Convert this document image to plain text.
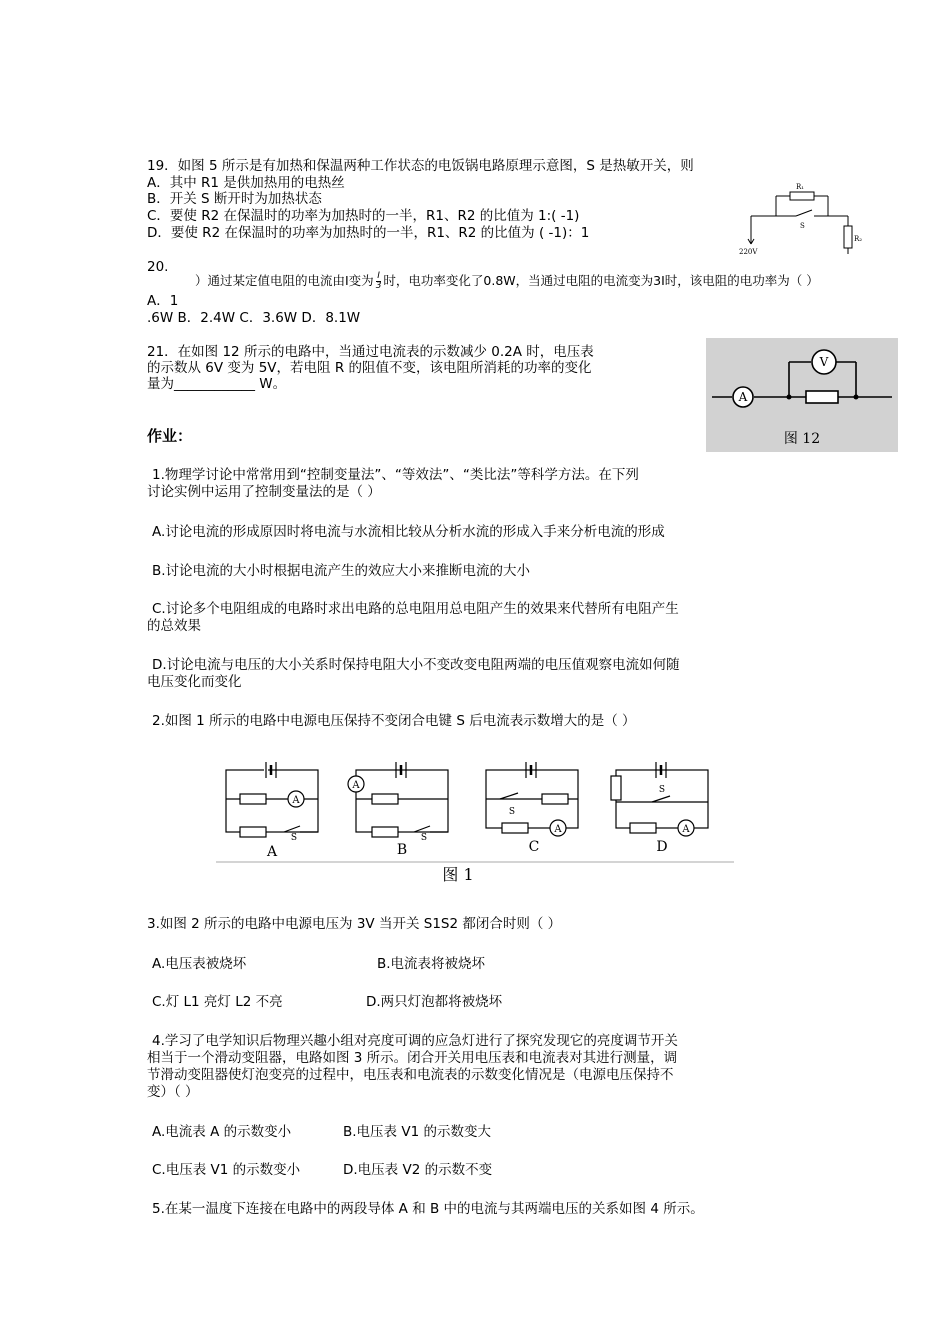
19．如图 5 所示是有加热和保温两种工作状态的电饭锅电路原理示意图，S 是热敏开关，则
A．其中 R1 是供加热用的电热丝
B．开关 S 断开时为加热状态
C．要使 R2 在保温时的功率为加热时的一半，R1、R2 的比值为 1:( -1)
D．要使 R2 在保温时的功率为加热时的一半，R1、R2 的比值为 ( -1)：1
R₁
S
R₂
220V
20.
）通过某定值电阻的电流由I变为 $\frac{I}{3}$ 时，电功率变化了0.8W，当通过电阻的电流变为3I时，该电阻的电功率为（ ）
A．1
.6W B．2.4W C．3.6W D．8.1W
21．在如图 12 所示的电路中，当通过电流表的示数减少 0.2A 时，电压表
的示数从 6V 变为 5V，若电阻 R 的阻值不变，该电阻所消耗的功率的变化
量为____________ W。
A
V
图 12
作业：
1.物理学讨论中常常用到“控制变量法”、“等效法”、“类比法”等科学方法。在下列
讨论实例中运用了控制变量法的是（ ）
A.讨论电流的形成原因时将电流与水流相比较从分析水流的形成入手来分析电流的形成
B.讨论电流的大小时根据电流产生的效应大小来推断电流的大小
C.讨论多个电阻组成的电路时求出电路的总电阻用总电阻产生的效果来代替所有电阻产生
的总效果
D.讨论电流与电压的大小关系时保持电阻大小不变改变电阻两端的电压值观察电流如何随
电压变化而变化
2.如图 1 所示的电路中电源电压保持不变闭合电键 S 后电流表示数增大的是（ ）
A
A
A	A
S	S
S
S
A	B	C	D
图 1
3.如图 2 所示的电路中电源电压为 3V 当开关 S1S2 都闭合时则（ ）
A.电压表被烧坏	B.电流表将被烧坏
C.灯 L1 亮灯 L2 不亮	D.两只灯泡都将被烧坏
4.学习了电学知识后物理兴趣小组对亮度可调的应急灯进行了探究发现它的亮度调节开关
相当于一个滑动变阻器，电路如图 3 所示。闭合开关用电压表和电流表对其进行测量，调
节滑动变阻器使灯泡变亮的过程中，电压表和电流表的示数变化情况是（电源电压保持不
变）（ ）
A.电流表 A 的示数变小	B.电压表 V1 的示数变大
C.电压表 V1 的示数变小	D.电压表 V2 的示数不变
5.在某一温度下连接在电路中的两段导体 A 和 B 中的电流与其两端电压的关系如图 4 所示。
